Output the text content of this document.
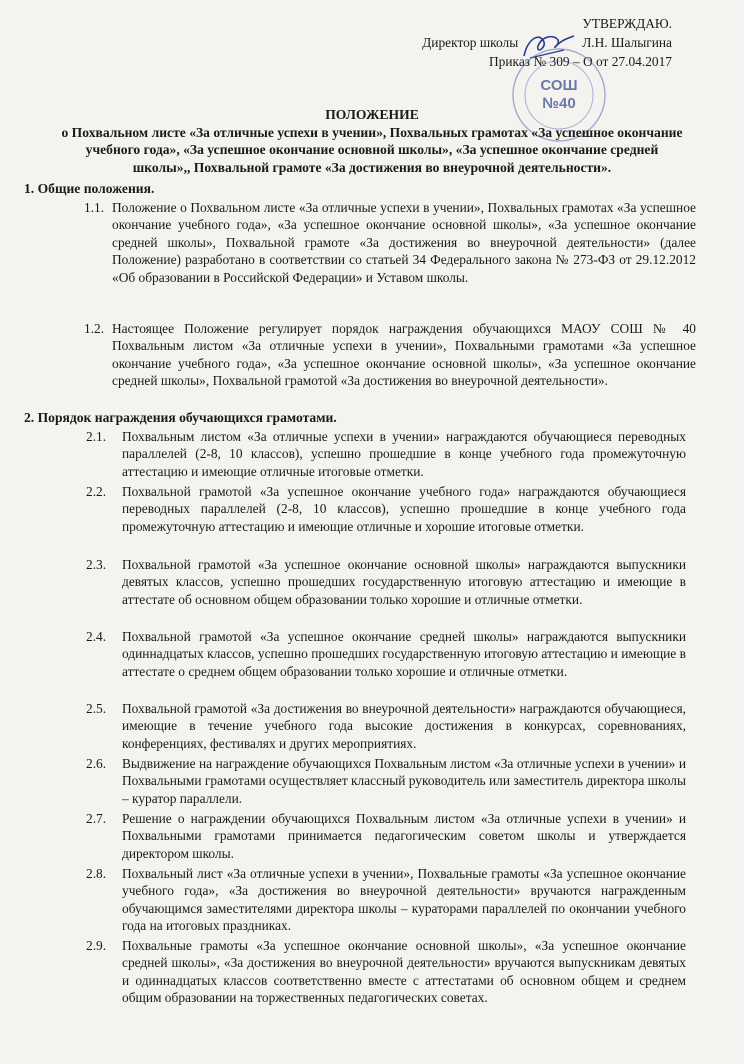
УТВЕРЖДАЮ.
Директор школы	Л.Н. Шалыгина
Приказ № 309 – О от 27.04.2017
СОШ
№40
ПОЛОЖЕНИЕ
о Похвальном листе «За отличные успехи в учении», Похвальных грамотах «За успешное окончание учебного года», «За успешное окончание основной школы», «За успешное окончание средней школы»,, Похвальной грамоте «За достижения во внеурочной деятельности».
1. Общие положения.
1.1. Положение о Похвальном листе «За отличные успехи в учении», Похвальных грамотах «За успешное окончание учебного года», «За успешное окончание основной школы», «За успешное окончание средней школы», Похвальной грамоте «За достижения во внеурочной деятельности» (далее Положение) разработано в соответствии со статьей 34 Федерального закона № 273-ФЗ от 29.12.2012 «Об образовании в Российской Федерации» и Уставом школы.
1.2. Настоящее Положение регулирует порядок награждения обучающихся МАОУ СОШ № 40 Похвальным листом «За отличные успехи в учении», Похвальными грамотами «За успешное окончание учебного года», «За успешное окончание основной школы», «За успешное окончание средней школы», Похвальной грамотой «За достижения во внеурочной деятельности».
2. Порядок награждения обучающихся грамотами.
2.1.	Похвальным листом «За отличные успехи в учении» награждаются обучающиеся переводных параллелей (2-8, 10 классов), успешно прошедшие в конце учебного года промежуточную аттестацию и имеющие отличные итоговые отметки.
2.2.	Похвальной грамотой «За успешное окончание учебного года» награждаются обучающиеся переводных параллелей (2-8, 10 классов), успешно прошедшие в конце учебного года промежуточную аттестацию и имеющие отличные и хорошие итоговые отметки.
2.3.	Похвальной грамотой «За успешное окончание основной школы» награждаются выпускники девятых классов, успешно прошедших государственную итоговую аттестацию и имеющие в аттестате об основном общем образовании только хорошие и отличные отметки.
2.4.	Похвальной грамотой «За успешное окончание средней школы» награждаются выпускники одиннадцатых классов, успешно прошедших государственную итоговую аттестацию и имеющие в аттестате о среднем общем образовании только хорошие и отличные отметки.
2.5.	Похвальной грамотой «За достижения во внеурочной деятельности» награждаются обучающиеся, имеющие в течение учебного года высокие достижения в конкурсах, соревнованиях, конференциях, фестивалях и других мероприятиях.
2.6.	Выдвижение на награждение обучающихся Похвальным листом «За отличные успехи в учении» и Похвальными грамотами осуществляет классный руководитель или заместитель директора школы – куратор параллели.
2.7.	Решение о награждении обучающихся Похвальным листом «За отличные успехи в учении» и Похвальными грамотами принимается педагогическим советом школы и утверждается директором школы.
2.8.	Похвальный лист «За отличные успехи в учении», Похвальные грамоты «За успешное окончание учебного года», «За достижения во внеурочной деятельности» вручаются награжденным обучающимся заместителями директора школы – кураторами параллелей по окончании учебного года на итоговых праздниках.
2.9.	Похвальные грамоты «За успешное окончание основной школы», «За успешное окончание средней школы», «За достижения во внеурочной деятельности» вручаются выпускникам девятых и одиннадцатых классов соответственно вместе с аттестатами об основном общем и среднем общим образовании на торжественных педагогических советах.
